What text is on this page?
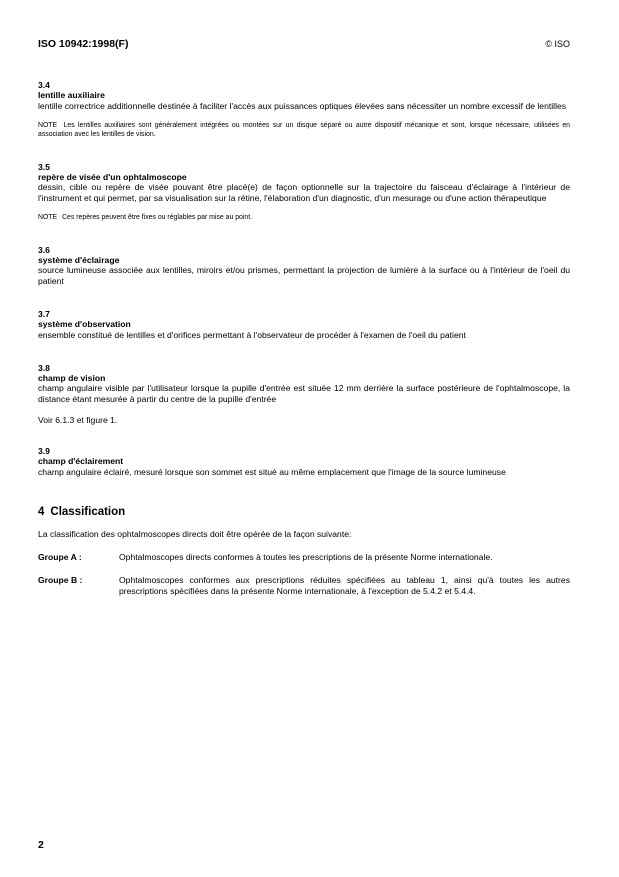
ISO 10942:1998(F)	© ISO
3.4
lentille auxiliaire
lentille correctrice additionnelle destinée à faciliter l'accès aux puissances optiques élevées sans nécessiter un nombre excessif de lentilles
NOTE Les lentilles auxiliaires sont généralement intégrées ou montées sur un disque séparé ou autre dispositif mécanique et sont, lorsque nécessaire, utilisées en association avec les lentilles de vision.
3.5
repère de visée d'un ophtalmoscope
dessin, cible ou repère de visée pouvant être placé(e) de façon optionnelle sur la trajectoire du faisceau d'éclairage à l'intérieur de l'instrument et qui permet, par sa visualisation sur la rétine, l'élaboration d'un diagnostic, d'un mesurage ou d'une action thérapeutique
NOTE Ces repères peuvent être fixes ou réglables par mise au point.
3.6
système d'éclairage
source lumineuse associée aux lentilles, miroirs et/ou prismes, permettant la projection de lumière à la surface ou à l'intérieur de l'oeil du patient
3.7
système d'observation
ensemble constitué de lentilles et d'orifices permettant à l'observateur de procéder à l'examen de l'oeil du patient
3.8
champ de vision
champ angulaire visible par l'utilisateur lorsque la pupille d'entrée est située 12 mm derrière la surface postérieure de l'ophtalmoscope, la distance étant mesurée à partir du centre de la pupille d'entrée
Voir 6.1.3 et figure 1.
3.9
champ d'éclairement
champ angulaire éclairé, mesuré lorsque son sommet est situé au même emplacement que l'image de la source lumineuse
4 Classification
La classification des ophtalmoscopes directs doit être opérée de la façon suivante:
Groupe A :	Ophtalmoscopes directs conformes à toutes les prescriptions de la présente Norme internationale.
Groupe B :	Ophtalmoscopes conformes aux prescriptions réduites spécifiées au tableau 1, ainsi qu'à toutes les autres prescriptions spécifiées dans la présente Norme internationale, à l'exception de 5.4.2 et 5.4.4.
2
